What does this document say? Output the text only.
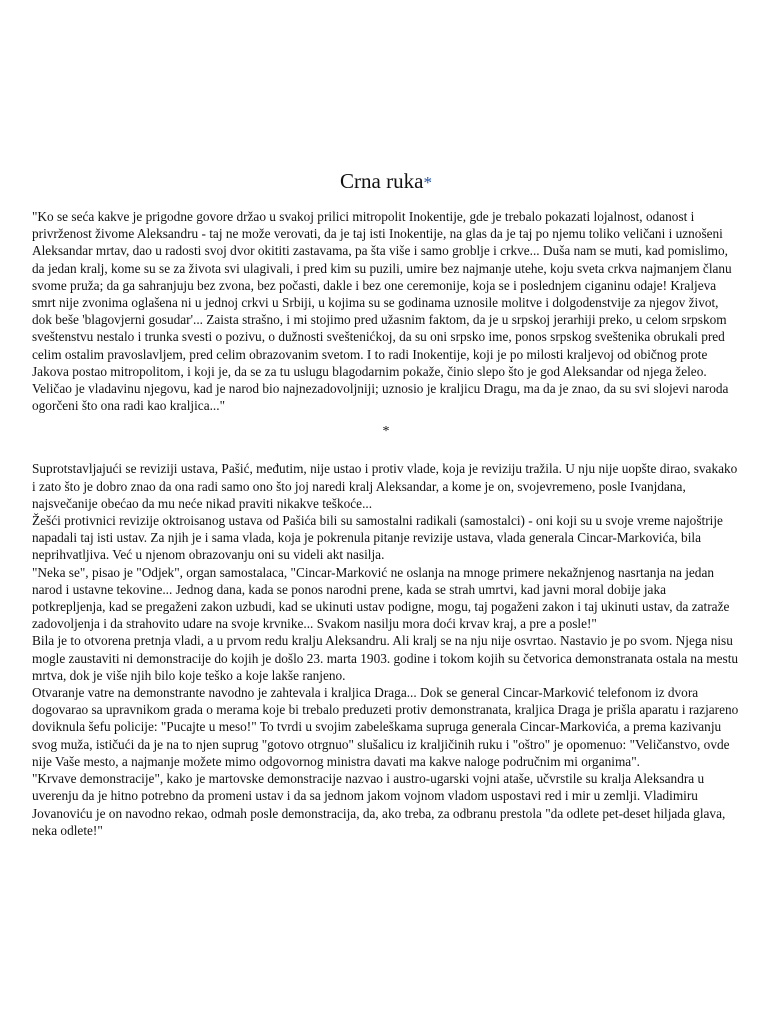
Crna ruka*

"Ko se seća kakve je prigodne govore držao u svakoj prilici mitropolit Inokentije, gde je trebalo pokazati lojalnost, odanost i privrženost živome Aleksandru - taj ne može verovati, da je taj isti Inokentije, na glas da je taj po njemu toliko veličani i uznošeni Aleksandar mrtav, dao u radosti svoj dvor okititi zastavama, pa šta više i samo groblje i crkve... Duša nam se muti, kad pomislimo, da jedan kralj, kome su se za života svi ulagivali, i pred kim su puzili, umire bez najmanje utehe, koju sveta crkva najmanjem članu svome pruža; da ga sahranjuju bez zvona, bez počasti, dakle i bez one ceremonije, koja se i poslednjem ciganinu odaje! Kraljeva smrt nije zvonima oglašena ni u jednoj crkvi u Srbiji, u kojima su se godinama uznosile molitve i dolgodenstvije za njegov život, dok beše 'blagovjerni gosudar'... Zaista strašno, i mi stojimo pred užasnim faktom, da je u srpskoj jerarhiji preko, u celom srpskom sveštenstvu nestalo i trunka svesti o pozivu, o dužnosti sveštenićkoj, da su oni srpsko ime, ponos srpskog sveštenika obrukali pred celim ostalim pravoslavljem, pred celim obrazovanim svetom. I to radi Inokentije, koji je po milosti kraljevoj od običnog prote Jakova postao mitropolitom, i koji je, da se za tu uslugu blagodarnim pokaže, činio slepo što je god Aleksandar od njega želeo. Veličao je vladavinu njegovu, kad je narod bio najnezadovoljniji; uznosio je kraljicu Dragu, ma da je znao, da su svi slojevi naroda ogorčeni što ona radi kao kraljica..."

*

Suprotstavljajući se reviziji ustava, Pašić, međutim, nije ustao i protiv vlade, koja je reviziju tražila. U nju nije uopšte dirao, svakako i zato što je dobro znao da ona radi samo ono što joj naredi kralj Aleksandar, a kome je on, svojevremeno, posle Ivanjdana, najsvečanije obećao da mu neće nikad praviti nikakve teškoće...

Žešći protivnici revizije oktroisanog ustava od Pašića bili su samostalni radikali (samostalci) - oni koji su u svoje vreme najoštrije napadali taj isti ustav. Za njih je i sama vlada, koja je pokrenula pitanje revizije ustava, vlada generala Cincar-Markovića, bila neprihvatljiva. Već u njenom obrazovanju oni su videli akt nasilja.

"Neka se", pisao je "Odjek", organ samostalaca, "Cincar-Marković ne oslanja na mnoge primere nekažnjenog nasrtanja na jedan narod i ustavne tekovine... Jednog dana, kada se ponos narodni prene, kada se strah umrtvi, kad javni moral dobije jaka potkrepljenja, kad se pregaženi zakon uzbudi, kad se ukinuti ustav podigne, mogu, taj pogaženi zakon i taj ukinuti ustav, da zatraže zadovoljenja i da strahovito udare na svoje krvnike... Svakom nasilju mora doći krvav kraj, a pre a posle!"

Bila je to otvorena pretnja vladi, a u prvom redu kralju Aleksandru. Ali kralj se na nju nije osvrtao. Nastavio je po svom. Njega nisu mogle zaustaviti ni demonstracije do kojih je došlo 23. marta 1903. godine i tokom kojih su četvorica demonstranata ostala na mestu mrtva, dok je više njih bilo koje teško a koje lakše ranjeno.

Otvaranje vatre na demonstrante navodno je zahtevala i kraljica Draga... Dok se general Cincar-Marković telefonom iz dvora dogovarao sa upravnikom grada o merama koje bi trebalo preduzeti protiv demonstranata, kraljica Draga je prišla aparatu i razjareno doviknula šefu policije: "Pucajte u meso!" To tvrdi u svojim zabeleškama supruga generala Cincar-Markovića, a prema kazivanju svog muža, ističući da je na to njen suprug "gotovo otrgnuo" slušalicu iz kraljičinih ruku i "oštro" je opomenuo: "Veličanstvo, ovde nije Vaše mesto, a najmanje možete mimo odgovornog ministra davati ma kakve naloge područnim mi organima".

"Krvave demonstracije", kako je martovske demonstracije nazvao i austro-ugarski vojni ataše, učvrstile su kralja Aleksandra u uverenju da je hitno potrebno da promeni ustav i da sa jednom jakom vojnom vladom uspostavi red i mir u zemlji. Vladimiru Jovanoviću je on navodno rekao, odmah posle demonstracija, da, ako treba, za odbranu prestola "da odlete pet-deset hiljada glava, neka odlete!"
